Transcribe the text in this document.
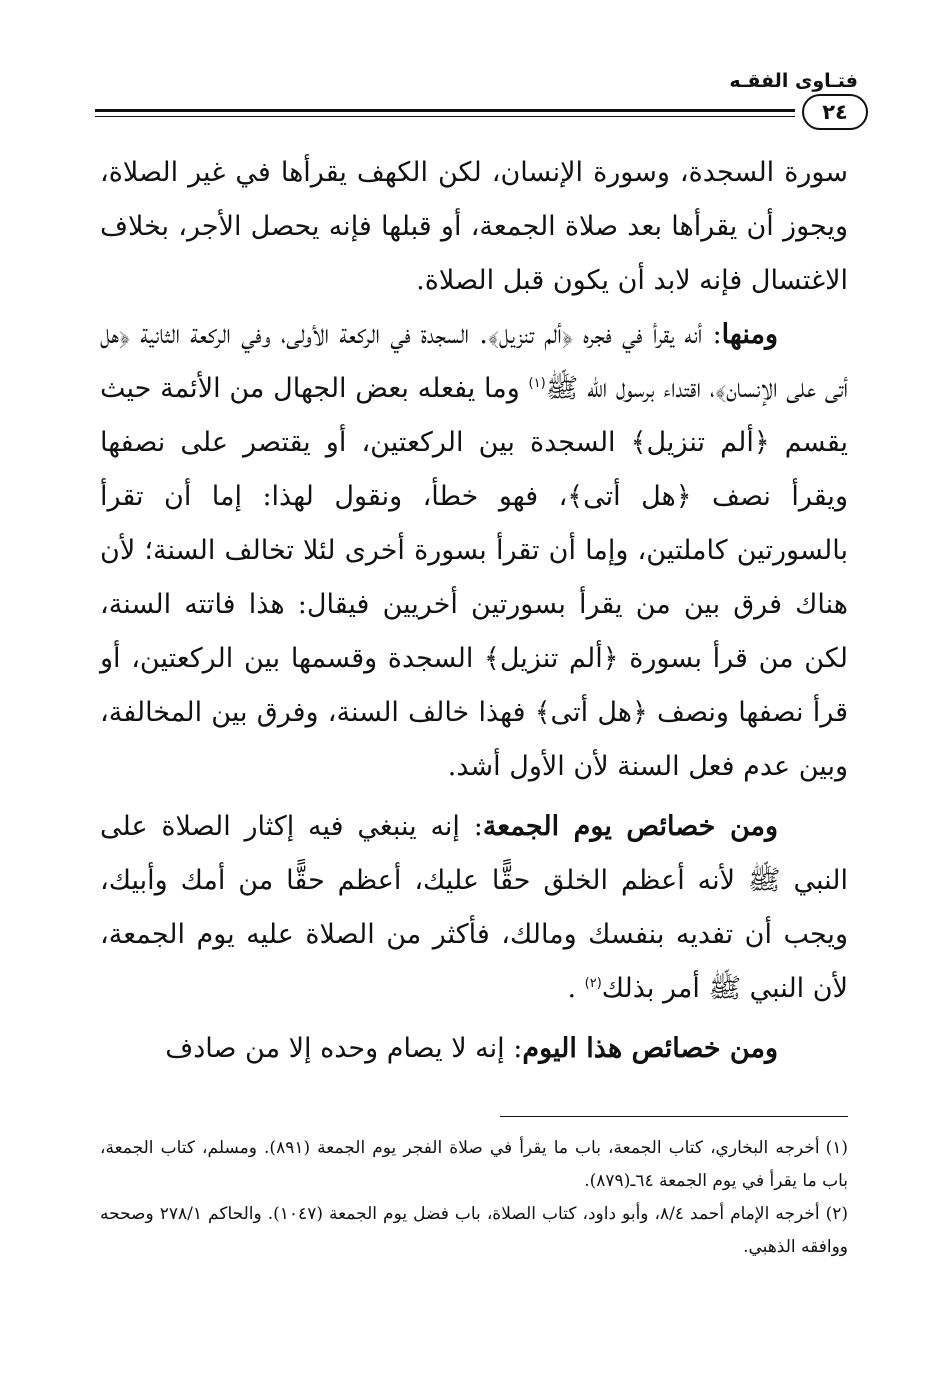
فتـاوى الفقـه
٢٤

سورة السجدة، وسورة الإنسان، لكن الكهف يقرأها في غير الصلاة، ويجوز أن يقرأها بعد صلاة الجمعة، أو قبلها فإنه يحصل الأجر، بخلاف الاغتسال فإنه لابد أن يكون قبل الصلاة.

ومنها: أنه يقرأ في فجره ﴿ألم تنزيل﴾. السجدة في الركعة الأولى، وفي الركعة الثانية ﴿هل أتى على الإنسان﴾، اقتداء برسول الله ﷺ$^{(١)}$ وما يفعله بعض الجهال من الأئمة حيث يقسم ﴿ألم تنزيل﴾ السجدة بين الركعتين، أو يقتصر على نصفها ويقرأ نصف ﴿هل أتى﴾، فهو خطأ، ونقول لهذا: إما أن تقرأ بالسورتين كاملتين، وإما أن تقرأ بسورة أخرى لئلا تخالف السنة؛ لأن هناك فرق بين من يقرأ بسورتين أخريين فيقال: هذا فاتته السنة، لكن من قرأ بسورة ﴿ألم تنزيل﴾ السجدة وقسمها بين الركعتين، أو قرأ نصفها ونصف ﴿هل أتى﴾ فهذا خالف السنة، وفرق بين المخالفة، وبين عدم فعل السنة لأن الأول أشد.

ومن خصائص يوم الجمعة: إنه ينبغي فيه إكثار الصلاة على النبي ﷺ لأنه أعظم الخلق حقًّا عليك، أعظم حقًّا من أمك وأبيك، ويجب أن تفديه بنفسك ومالك، فأكثر من الصلاة عليه يوم الجمعة، لأن النبي ﷺ أمر بذلك$^{(٢)}$ .

ومن خصائص هذا اليوم: إنه لا يصام وحده إلا من صادف

(١)أخرجه البخاري، كتاب الجمعة، باب ما يقرأ في صلاة الفجر يوم الجمعة (٨٩١). ومسلم، كتاب الجمعة، باب ما يقرأ في يوم الجمعة ٦٤ـ(٨٧٩).

(٢)أخرجه الإمام أحمد ٨/٤، وأبو داود، كتاب الصلاة، باب فضل يوم الجمعة (١٠٤٧). والحاكم ٢٧٨/١ وصححه ووافقه الذهبي.
